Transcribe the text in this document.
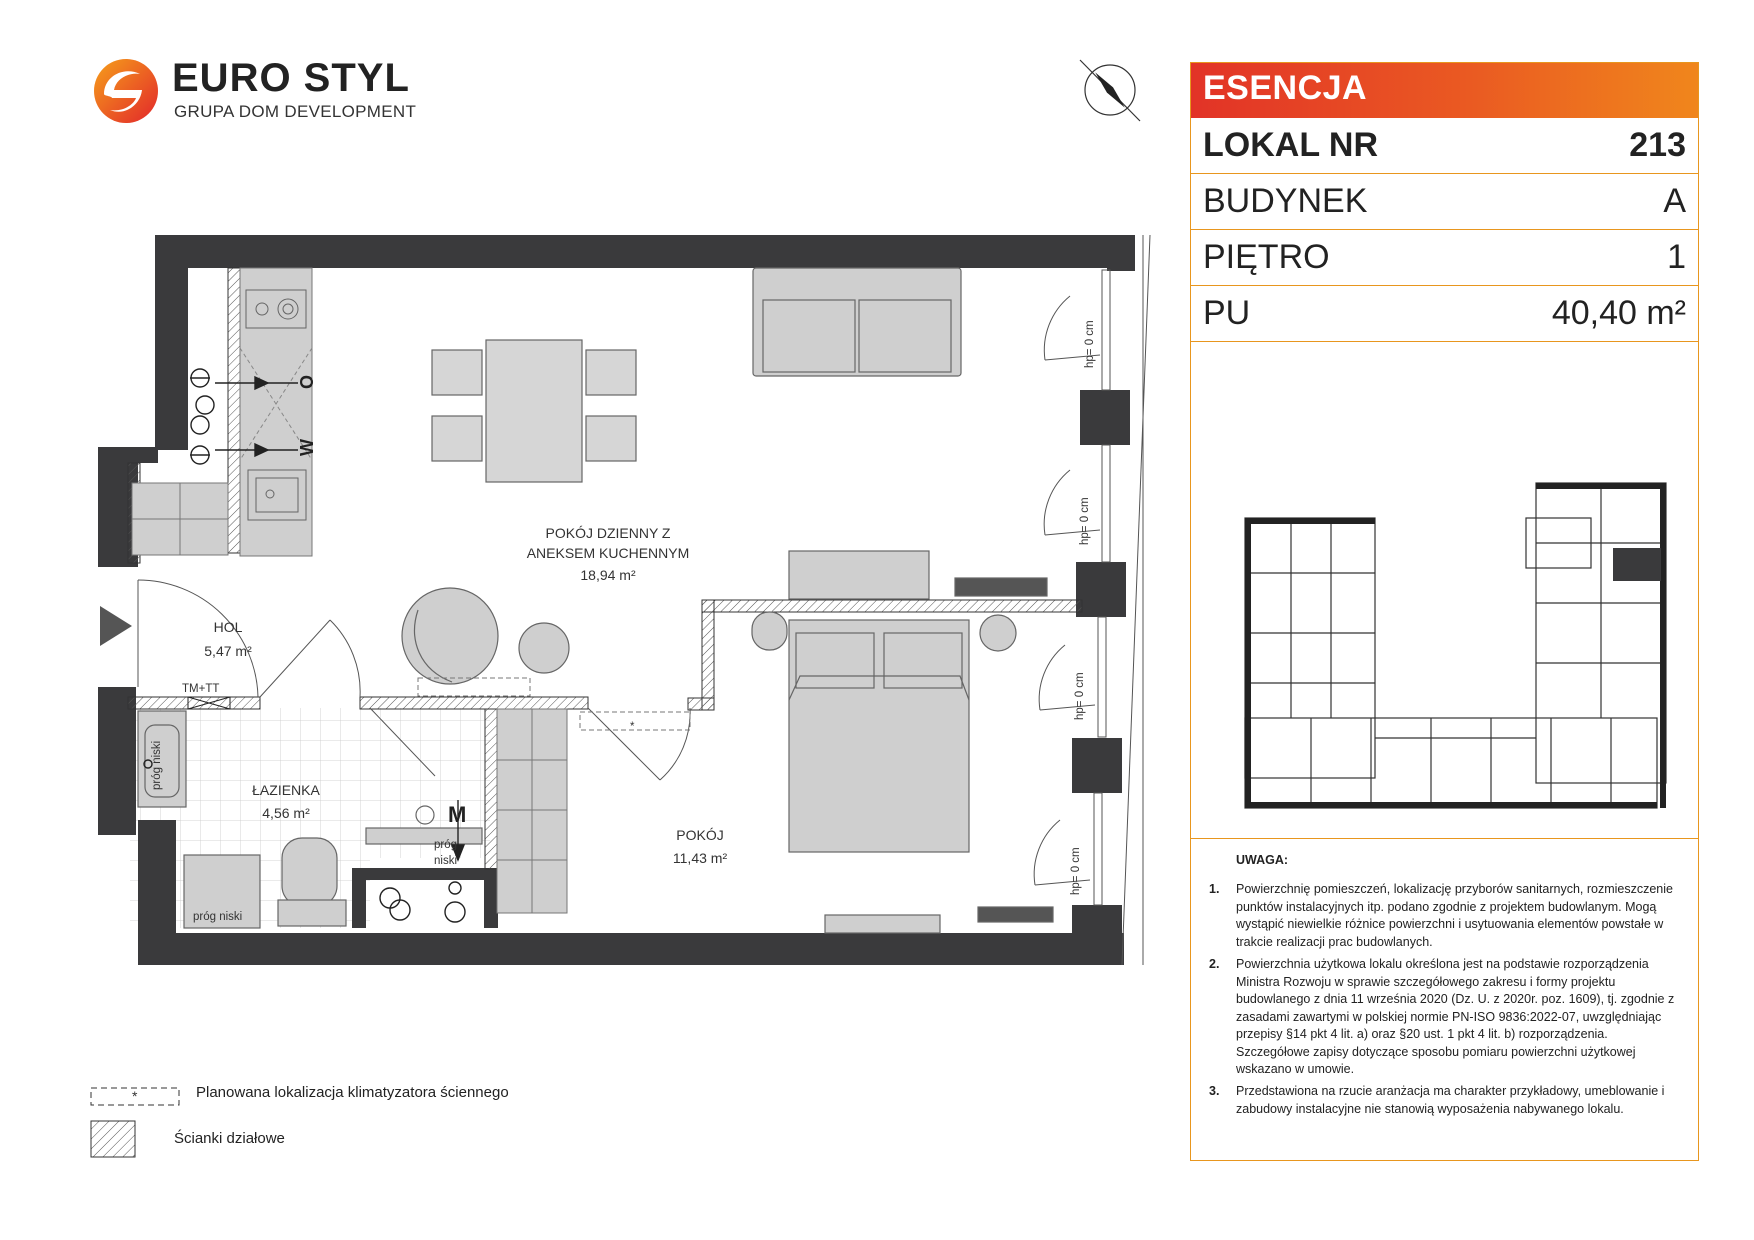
EURO STYL
GRUPA DOM DEVELOPMENT
O
W
M
TM+TT
*
POKÓJ DZIENNY Z
ANEKSEM KUCHENNYM
18,94 m²
HOL
5,47 m²
ŁAZIENKA
4,56 m²
POKÓJ
11,43 m²
próg niski
próg niski
próg
niski
hp= 0 cm
hp= 0 cm
hp= 0 cm
hp= 0 cm
*	Planowana lokalizacja klimatyzatora ściennego
Ścianki działowe
ESENCJA
LOKAL NR	213
BUDYNEK	A
PIĘTRO	1
PU	40,40 m²
UWAGA:
1. Powierzchnię pomieszczeń, lokalizację przyborów sanitarnych, rozmieszczenie punktów instalacyjnych itp. podano zgodnie z projektem budowlanym. Mogą wystąpić niewielkie różnice powierzchni i usytuowania elementów powstałe w trakcie realizacji prac budowlanych.
2. Powierzchnia użytkowa lokalu określona jest na podstawie rozporządzenia Ministra Rozwoju w sprawie szczegółowego zakresu i formy projektu budowlanego z dnia 11 września 2020 (Dz. U. z 2020r. poz. 1609), tj. zgodnie z zasadami zawartymi w polskiej normie PN-ISO 9836:2022-07, uwzględniając przepisy §14 pkt 4 lit. a) oraz §20 ust. 1 pkt 4 lit. b) rozporządzenia. Szczegółowe zapisy dotyczące sposobu pomiaru powierzchni użytkowej wskazano w umowie.
3. Przedstawiona na rzucie aranżacja ma charakter przykładowy, umeblowanie i zabudowy instalacyjne nie stanowią wyposażenia nabywanego lokalu.
